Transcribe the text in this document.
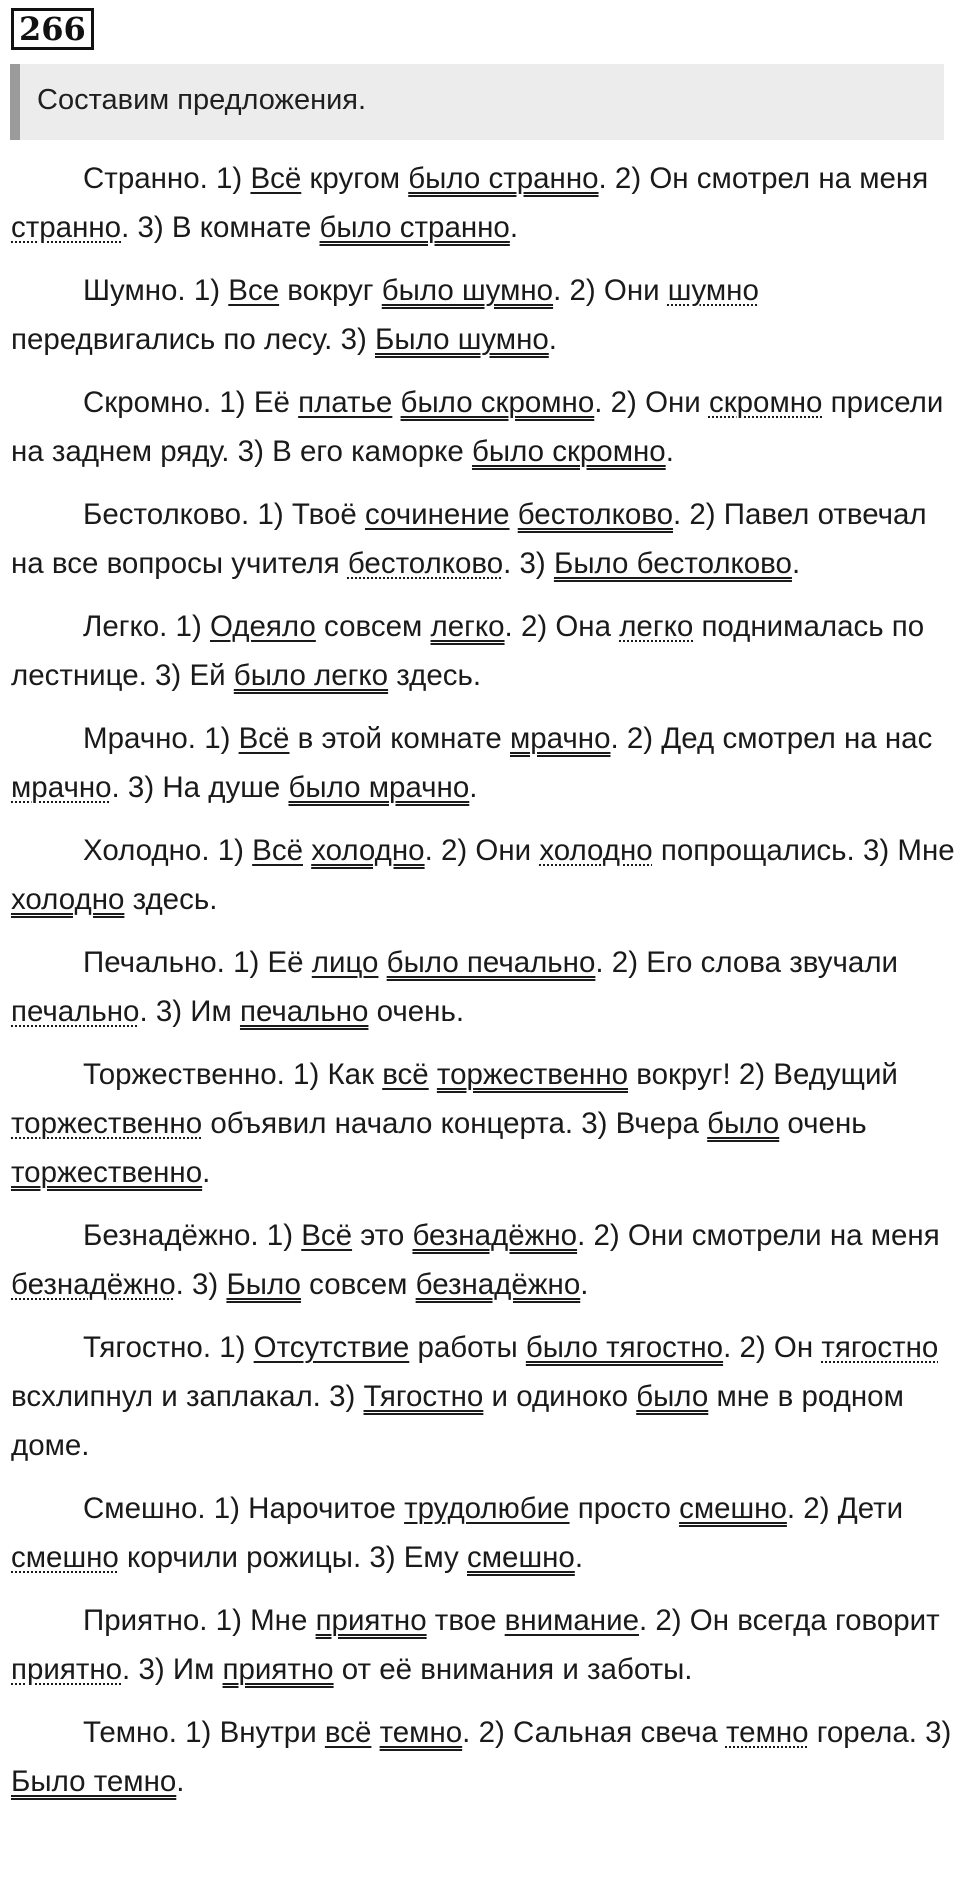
266
Составим предложения.

Странно. 1) Всё кругом было странно. 2) Он смотрел на меня странно. 3) В комнате было странно.

Шумно. 1) Все вокруг было шумно. 2) Они шумно передвигались по лесу. 3) Было шумно.

Скромно. 1) Её платье было скромно. 2) Они скромно присели на заднем ряду. 3) В его каморке было скромно.

Бестолково. 1) Твоё сочинение бестолково. 2) Павел отвечал на все вопросы учителя бестолково. 3) Было бестолково.

Легко. 1) Одеяло совсем легко. 2) Она легко поднималась по лестнице. 3) Ей было легко здесь.

Мрачно. 1) Всё в этой комнате мрачно. 2) Дед смотрел на нас мрачно. 3) На душе было мрачно.

Холодно. 1) Всё холодно. 2) Они холодно попрощались. 3) Мне холодно здесь.

Печально. 1) Её лицо было печально. 2) Его слова звучали печально. 3) Им печально очень.

Торжественно. 1) Как всё торжественно вокруг! 2) Ведущий торжественно объявил начало концерта. 3) Вчера было очень торжественно.

Безнадёжно. 1) Всё это безнадёжно. 2) Они смотрели на меня безнадёжно. 3) Было совсем безнадёжно.

Тягостно. 1) Отсутствие работы было тягостно. 2) Он тягостно всхлипнул и заплакал. 3) Тягостно и одиноко было мне в родном доме.

Смешно. 1) Нарочитое трудолюбие просто смешно. 2) Дети смешно корчили рожицы. 3) Ему смешно.

Приятно. 1) Мне приятно твое внимание. 2) Он всегда говорит приятно. 3) Им приятно от её внимания и заботы.

Темно. 1) Внутри всё темно. 2) Сальная свеча темно горела. 3) Было темно.
